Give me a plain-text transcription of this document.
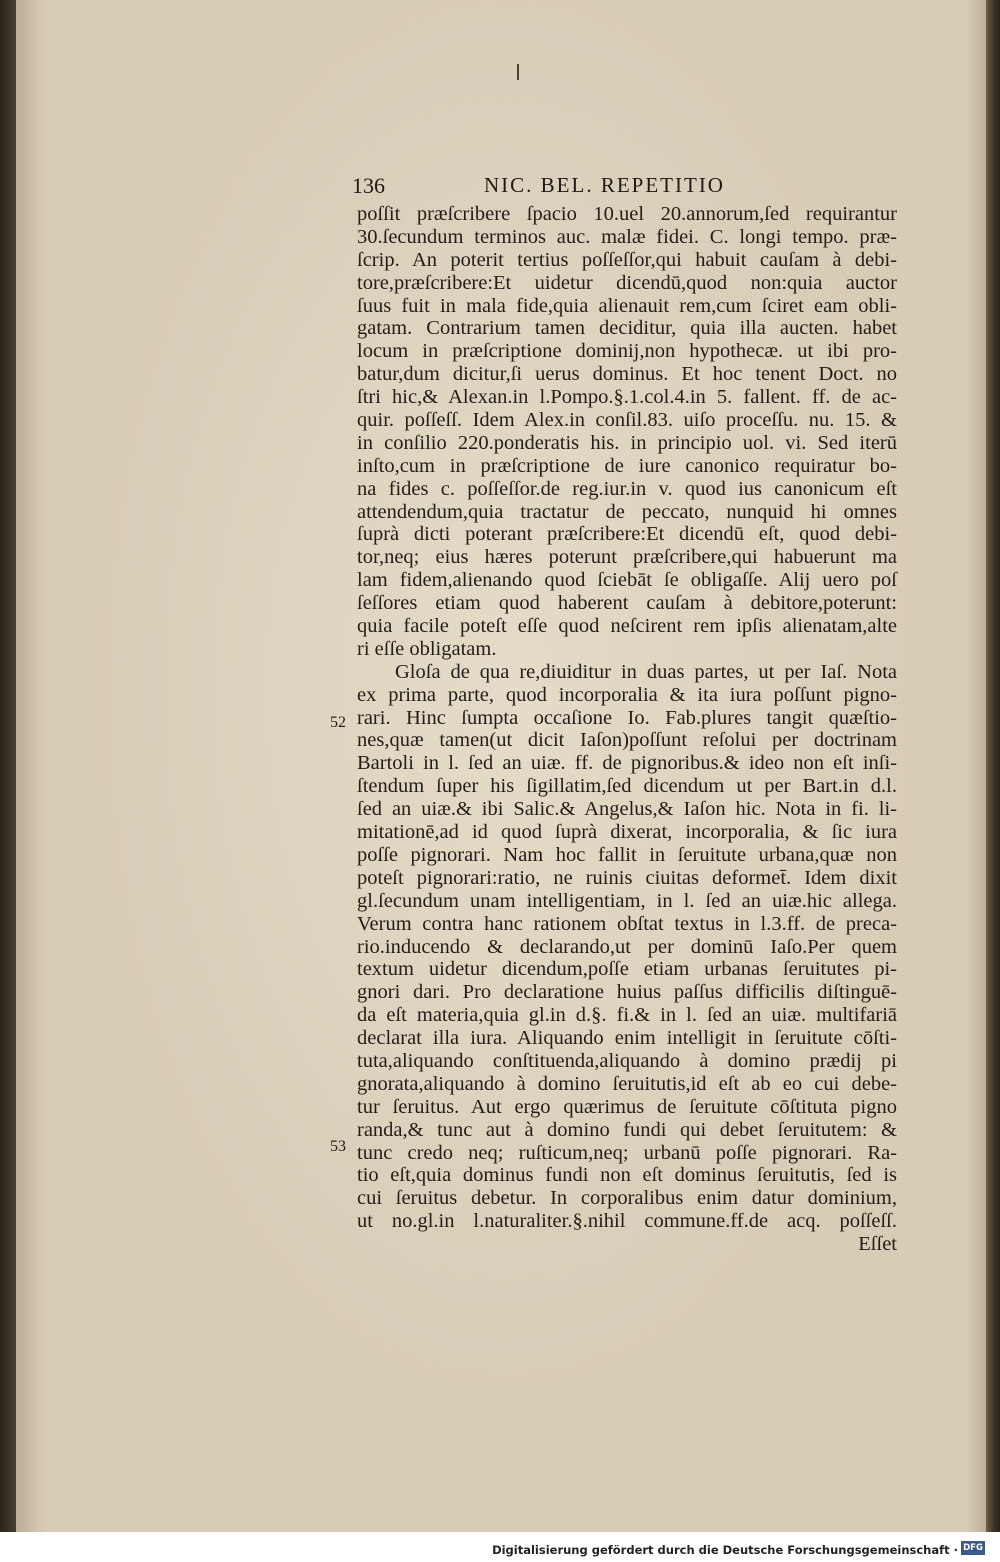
136	NIC. BEL. REPETITIO
poſſit præſcribere ſpacio 10.uel 20.annorum,ſed requirantur
30.ſecundum terminos auc. malæ fidei. C. longi tempo. præ-
ſcrip. An poterit tertius poſſeſſor,qui habuit cauſam à debi-
tore,præſcribere:Et uidetur dicendū,quod non:quia auctor
ſuus fuit in mala fide,quia alienauit rem,cum ſciret eam obli-
gatam. Contrarium tamen deciditur, quia illa aucten. habet
locum in præſcriptione dominij,non hypothecæ. ut ibi pro-
batur,dum dicitur,ſi uerus dominus. Et hoc tenent Doct. no
ſtri hic,& Alexan.in l.Pompo.§.1.col.4.in 5. fallent. ff. de ac-
quir. poſſeſſ. Idem Alex.in conſil.83. uiſo proceſſu. nu. 15. &
in conſilio 220.ponderatis his. in principio uol. vi. Sed iterū
inſto,cum in præſcriptione de iure canonico requiratur bo-
na fides c. poſſeſſor.de reg.iur.in v. quod ius canonicum eſt
attendendum,quia tractatur de peccato, nunquid hi omnes
ſuprà dicti poterant præſcribere:Et dicendū eſt, quod debi-
tor,neq; eius hæres poterunt præſcribere,qui habuerunt ma
lam fidem,alienando quod ſciebāt ſe obligaſſe. Alij uero poſ
ſeſſores etiam quod haberent cauſam à debitore,poterunt:
quia facile poteſt eſſe quod neſcirent rem ipſis alienatam,alte
ri eſſe obligatam.
Gloſa de qua re,diuiditur in duas partes, ut per Iaſ. Nota
ex prima parte, quod incorporalia & ita iura poſſunt pigno-
rari. Hinc ſumpta occaſione Io. Fab.plures tangit quæſtio-
nes,quæ tamen(ut dicit Iaſon)poſſunt reſolui per doctrinam
Bartoli in l. ſed an uiæ. ff. de pignoribus.& ideo non eſt inſi-
ſtendum ſuper his ſigillatim,ſed dicendum ut per Bart.in d.l.
ſed an uiæ.& ibi Salic.& Angelus,& Iaſon hic. Nota in fi. li-
mitationē,ad id quod ſuprà dixerat, incorporalia, & ſic iura
poſſe pignorari. Nam hoc fallit in ſeruitute urbana,quæ non
poteſt pignorari:ratio, ne ruinis ciuitas deformet̄. Idem dixit
gl.ſecundum unam intelligentiam, in l. ſed an uiæ.hic allega.
Verum contra hanc rationem obſtat textus in l.3.ff. de preca-
rio.inducendo & declarando,ut per dominū Iaſo.Per quem
textum uidetur dicendum,poſſe etiam urbanas ſeruitutes pi-
gnori dari. Pro declaratione huius paſſus difficilis diſtinguē-
da eſt materia,quia gl.in d.§. fi.& in l. ſed an uiæ. multifariā
declarat illa iura. Aliquando enim intelligit in ſeruitute cōſti-
tuta,aliquando conſtituenda,aliquando à domino prædij pi
gnorata,aliquando à domino ſeruitutis,id eſt ab eo cui debe-
tur ſeruitus. Aut ergo quærimus de ſeruitute cōſtituta pigno
randa,& tunc aut à domino fundi qui debet ſeruitutem: &
tunc credo neq; ruſticum,neq; urbanū poſſe pignorari. Ra-
tio eſt,quia dominus fundi non eſt dominus ſeruitutis, ſed is
cui ſeruitus debetur. In corporalibus enim datur dominium,
ut no.gl.in l.naturaliter.§.nihil commune.ff.de acq. poſſeſſ.
Eſſet
52
53
Digitalisierung gefördert durch die Deutsche Forschungsgemeinschaft · DFG
